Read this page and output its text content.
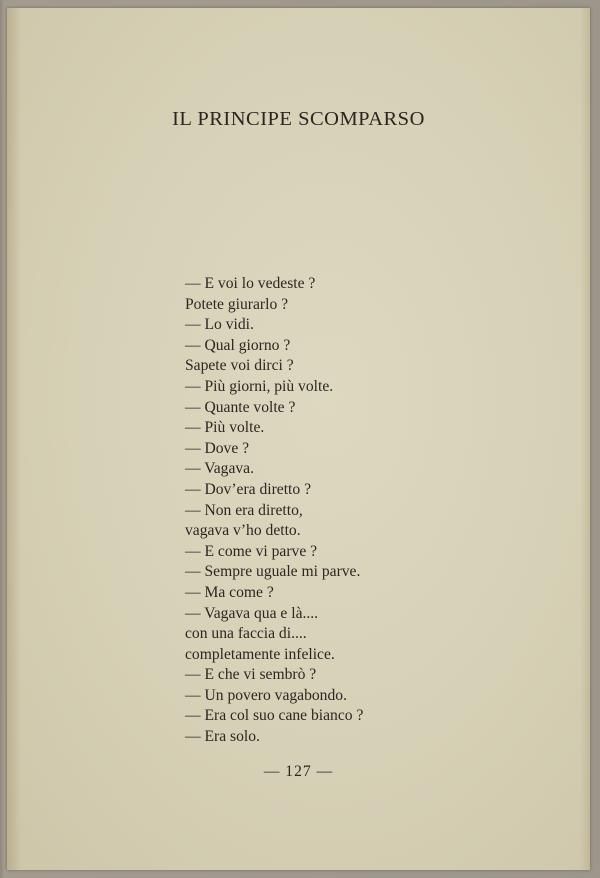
IL PRINCIPE SCOMPARSO
— E voi lo vedeste ?
Potete giurarlo ?
— Lo vidi.
— Qual giorno ?
Sapete voi dirci ?
— Più giorni, più volte.
— Quante volte ?
— Più volte.
— Dove ?
— Vagava.
— Dov’era diretto ?
— Non era diretto,
vagava v’ho detto.
— E come vi parve ?
— Sempre uguale mi parve.
— Ma come ?
— Vagava qua e là....
con una faccia di....
completamente infelice.
— E che vi sembrò ?
— Un povero vagabondo.
— Era col suo cane bianco ?
— Era solo.
— 127 —
